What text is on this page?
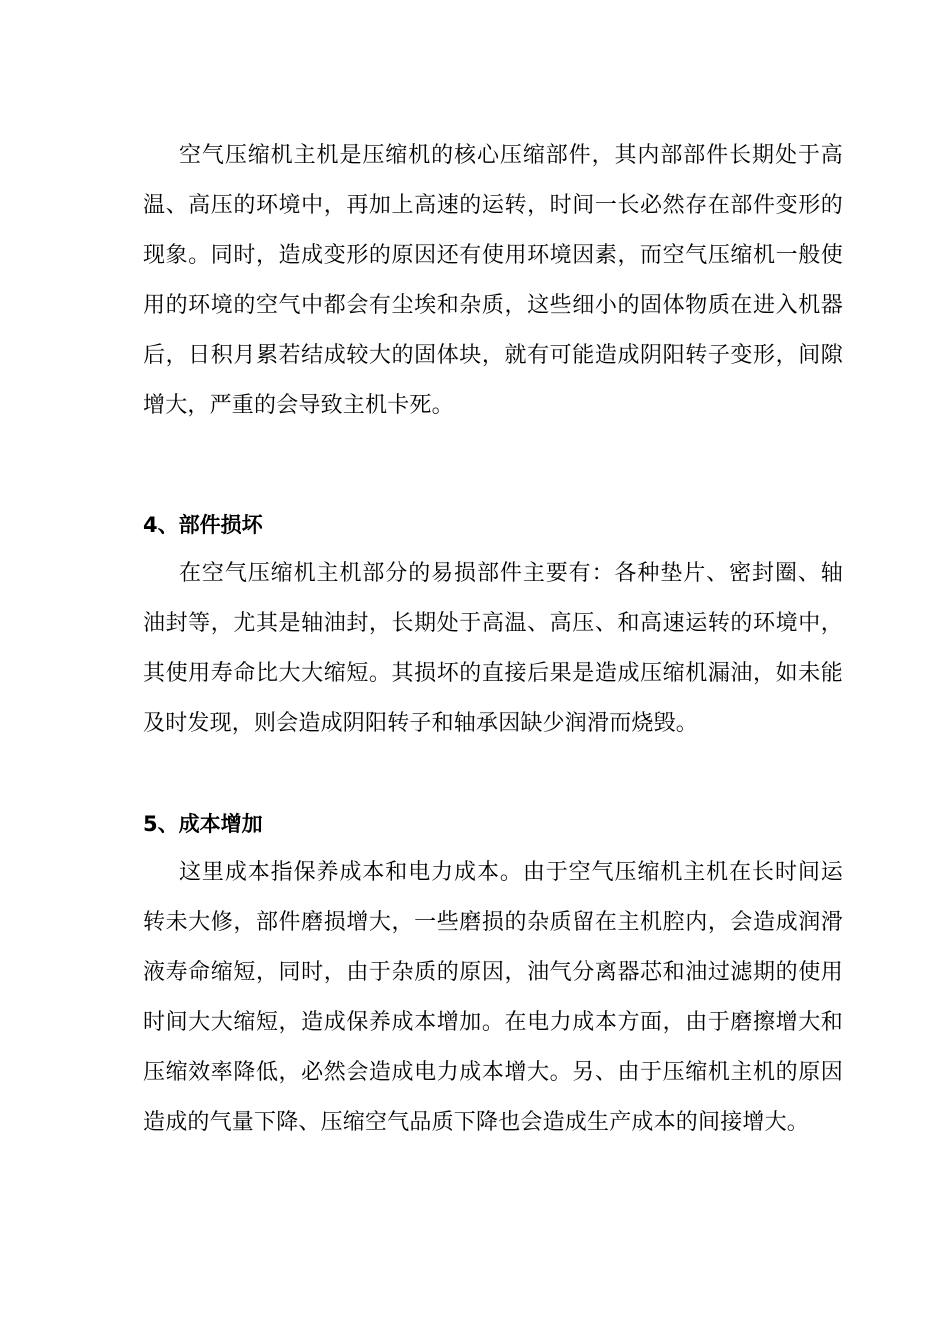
空气压缩机主机是压缩机的核心压缩部件，其内部部件长期处于高温、高压的环境中，再加上高速的运转，时间一长必然存在部件变形的现象。同时，造成变形的原因还有使用环境因素，而空气压缩机一般使用的环境的空气中都会有尘埃和杂质，这些细小的固体物质在进入机器后，日积月累若结成较大的固体块，就有可能造成阴阳转子变形，间隙增大，严重的会导致主机卡死。

4、部件损坏

在空气压缩机主机部分的易损部件主要有：各种垫片、密封圈、轴油封等，尤其是轴油封，长期处于高温、高压、和高速运转的环境中，其使用寿命比大大缩短。其损坏的直接后果是造成压缩机漏油，如未能及时发现，则会造成阴阳转子和轴承因缺少润滑而烧毁。

5、成本增加

这里成本指保养成本和电力成本。由于空气压缩机主机在长时间运转未大修，部件磨损增大，一些磨损的杂质留在主机腔内，会造成润滑液寿命缩短，同时，由于杂质的原因，油气分离器芯和油过滤期的使用时间大大缩短，造成保养成本增加。在电力成本方面，由于磨擦增大和压缩效率降低，必然会造成电力成本增大。另、由于压缩机主机的原因造成的气量下降、压缩空气品质下降也会造成生产成本的间接增大。
